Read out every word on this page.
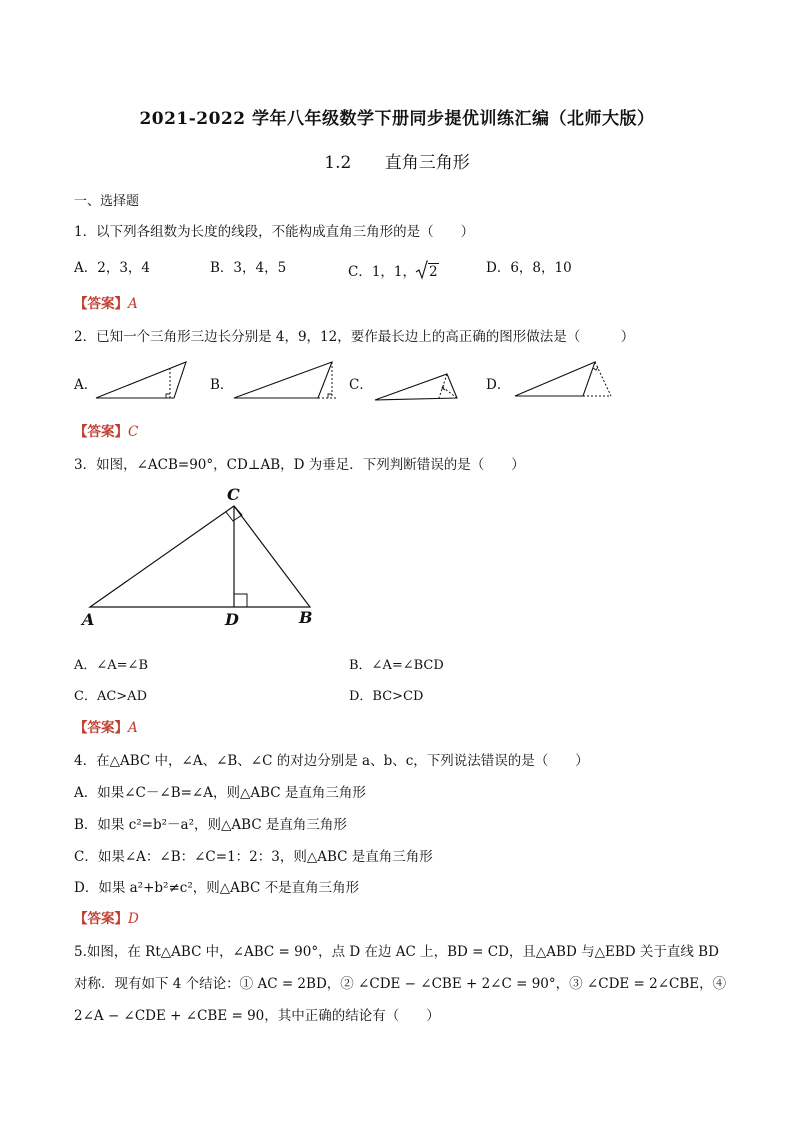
2021-2022 学年八年级数学下册同步提优训练汇编（北师大版）
1.2 直角三角形
一、选择题
1．以下列各组数为长度的线段，不能构成直角三角形的是（　　）
A．2，3，4	B．3，4，5	C．1，1， 2	D．6，8，10
【答案】A
2．已知一个三角形三边长分别是 4，9，12，要作最长边上的高正确的图形做法是（　　　）
A．	B．	C．	D．
【答案】C
3．如图，∠ACB=90°，CD⊥AB，D 为垂足．下列判断错误的是（　　）
C
A	D	B
A．∠A=∠B	B．∠A=∠BCD
C．AC>AD	D．BC>CD
【答案】A
4．在△ABC 中，∠A、∠B、∠C 的对边分别是 a、b、c，下列说法错误的是（　　）
A．如果∠C－∠B=∠A，则△ABC 是直角三角形
B．如果 c²=b²－a²，则△ABC 是直角三角形
C．如果∠A：∠B：∠C=1：2：3，则△ABC 是直角三角形
D．如果 a²+b²≠c²，则△ABC 不是直角三角形
【答案】D
5.如图，在 Rt△ABC 中，∠ABC = 90°，点 D 在边 AC 上，BD = CD，且△ABD 与△EBD 关于直线 BD
对称．现有如下 4 个结论：① AC = 2BD，② ∠CDE − ∠CBE + 2∠C = 90°，③ ∠CDE = 2∠CBE，④
2∠A − ∠CDE + ∠CBE = 90，其中正确的结论有（　　）
